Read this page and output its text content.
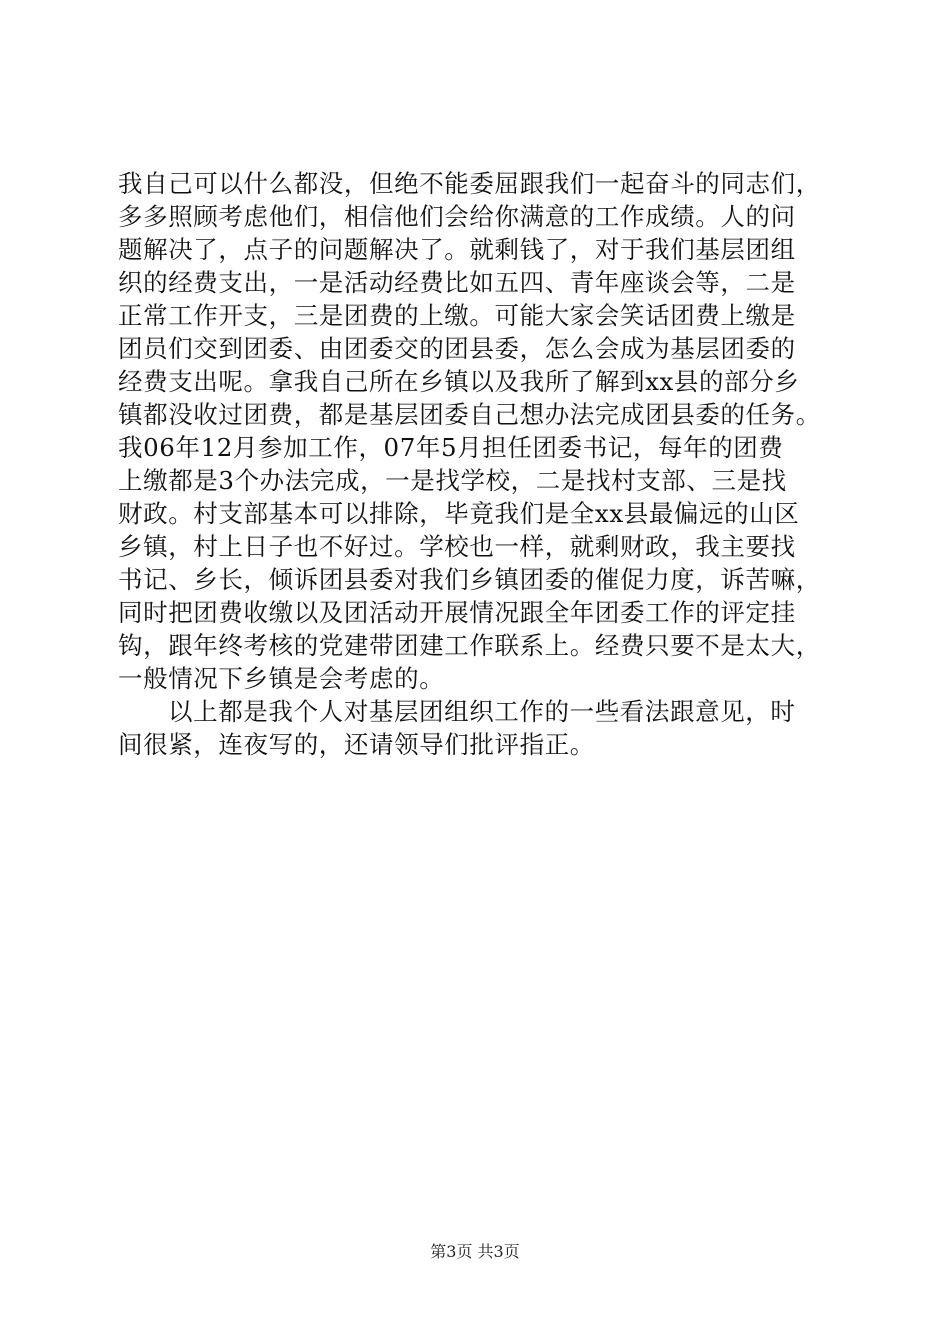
我自己可以什么都没，但绝不能委屈跟我们一起奋斗的同志们，
多多照顾考虑他们，相信他们会给你满意的工作成绩。人的问
题解决了，点子的问题解决了。就剩钱了，对于我们基层团组
织的经费支出，一是活动经费比如五四、青年座谈会等，二是
正常工作开支，三是团费的上缴。可能大家会笑话团费上缴是
团员们交到团委、由团委交的团县委，怎么会成为基层团委的
经费支出呢。拿我自己所在乡镇以及我所了解到xx县的部分乡
镇都没收过团费，都是基层团委自己想办法完成团县委的任务。
我06年12月参加工作，07年5月担任团委书记，每年的团费
上缴都是3个办法完成，一是找学校，二是找村支部、三是找
财政。村支部基本可以排除，毕竟我们是全xx县最偏远的山区
乡镇，村上日子也不好过。学校也一样，就剩财政，我主要找
书记、乡长，倾诉团县委对我们乡镇团委的催促力度，诉苦嘛，
同时把团费收缴以及团活动开展情况跟全年团委工作的评定挂
钩，跟年终考核的党建带团建工作联系上。经费只要不是太大，
一般情况下乡镇是会考虑的。
以上都是我个人对基层团组织工作的一些看法跟意见，时
间很紧，连夜写的，还请领导们批评指正。
第3页 共3页
